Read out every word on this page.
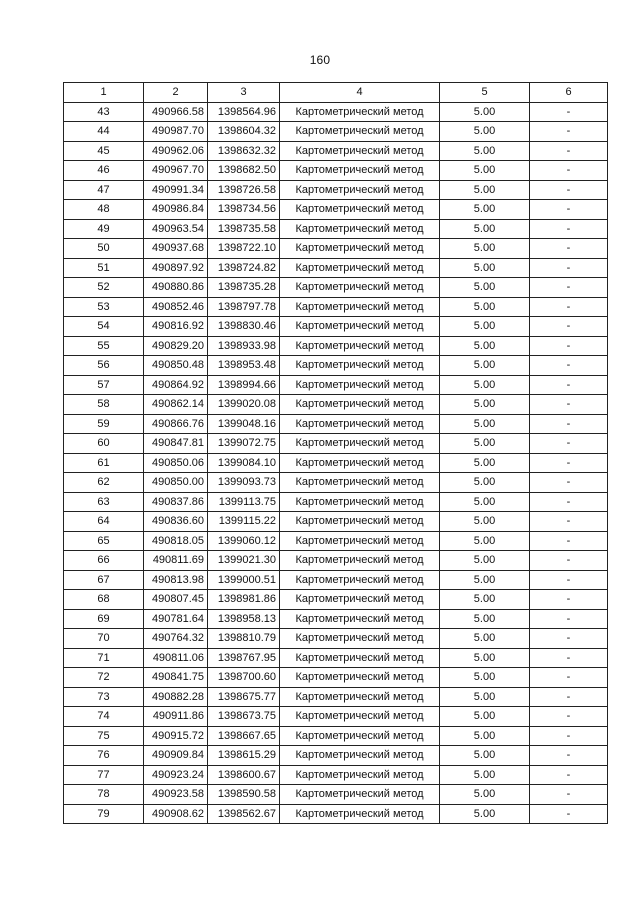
160
1	2	3	4	5	6
43	490966.58	1398564.96	Картометрический метод	5.00	-
44	490987.70	1398604.32	Картометрический метод	5.00	-
45	490962.06	1398632.32	Картометрический метод	5.00	-
46	490967.70	1398682.50	Картометрический метод	5.00	-
47	490991.34	1398726.58	Картометрический метод	5.00	-
48	490986.84	1398734.56	Картометрический метод	5.00	-
49	490963.54	1398735.58	Картометрический метод	5.00	-
50	490937.68	1398722.10	Картометрический метод	5.00	-
51	490897.92	1398724.82	Картометрический метод	5.00	-
52	490880.86	1398735.28	Картометрический метод	5.00	-
53	490852.46	1398797.78	Картометрический метод	5.00	-
54	490816.92	1398830.46	Картометрический метод	5.00	-
55	490829.20	1398933.98	Картометрический метод	5.00	-
56	490850.48	1398953.48	Картометрический метод	5.00	-
57	490864.92	1398994.66	Картометрический метод	5.00	-
58	490862.14	1399020.08	Картометрический метод	5.00	-
59	490866.76	1399048.16	Картометрический метод	5.00	-
60	490847.81	1399072.75	Картометрический метод	5.00	-
61	490850.06	1399084.10	Картометрический метод	5.00	-
62	490850.00	1399093.73	Картометрический метод	5.00	-
63	490837.86	1399113.75	Картометрический метод	5.00	-
64	490836.60	1399115.22	Картометрический метод	5.00	-
65	490818.05	1399060.12	Картометрический метод	5.00	-
66	490811.69	1399021.30	Картометрический метод	5.00	-
67	490813.98	1399000.51	Картометрический метод	5.00	-
68	490807.45	1398981.86	Картометрический метод	5.00	-
69	490781.64	1398958.13	Картометрический метод	5.00	-
70	490764.32	1398810.79	Картометрический метод	5.00	-
71	490811.06	1398767.95	Картометрический метод	5.00	-
72	490841.75	1398700.60	Картометрический метод	5.00	-
73	490882.28	1398675.77	Картометрический метод	5.00	-
74	490911.86	1398673.75	Картометрический метод	5.00	-
75	490915.72	1398667.65	Картометрический метод	5.00	-
76	490909.84	1398615.29	Картометрический метод	5.00	-
77	490923.24	1398600.67	Картометрический метод	5.00	-
78	490923.58	1398590.58	Картометрический метод	5.00	-
79	490908.62	1398562.67	Картометрический метод	5.00	-
